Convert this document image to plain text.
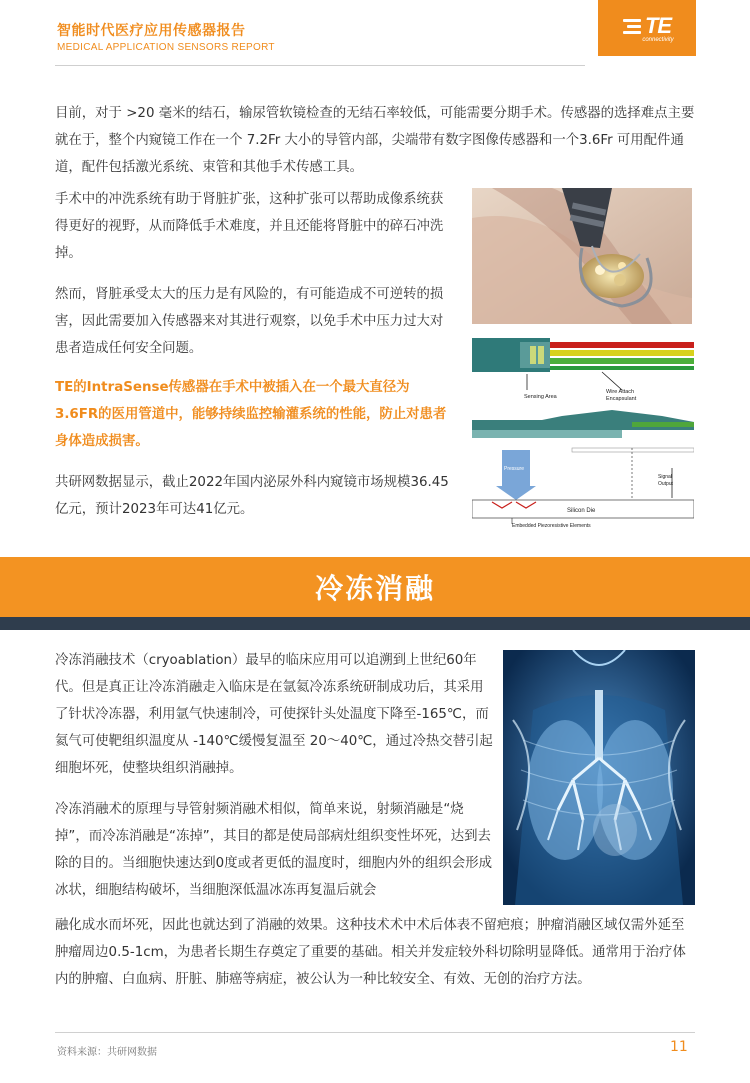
智能时代医疗应用传感器报告
MEDICAL APPLICATION SENSORS REPORT
TE
connectivity

目前，对于 >20 毫米的结石，输尿管软镜检查的无结石率较低，可能需要分期手术。传感器的选择难点主要就在于，整个内窥镜工作在一个 7.2Fr 大小的导管内部，尖端带有数字图像传感器和一个3.6Fr 可用配件通道，配件包括激光系统、束管和其他手术传感工具。

手术中的冲洗系统有助于肾脏扩张，这种扩张可以帮助成像系统获得更好的视野，从而降低手术难度，并且还能将肾脏中的碎石冲洗掉。

然而，肾脏承受太大的压力是有风险的，有可能造成不可逆转的损害，因此需要加入传感器来对其进行观察，以免手术中压力过大对患者造成任何安全问题。

TE的IntraSense传感器在手术中被插入在一个最大直径为3.6FR的医用管道中，能够持续监控输灌系统的性能，防止对患者身体造成损害。

共研网数据显示，截止2022年国内泌尿外科内窥镜市场规模36.45亿元，预计2023年可达41亿元。

Sensing Area
Wire Attach
Encapsulant
Pressure
Signal
Output
Silicon Die
Embedded Piezoresistive Elements
冷冻消融

冷冻消融技术（cryoablation）最早的临床应用可以追溯到上世纪60年代。但是真正让冷冻消融走入临床是在氩氦冷冻系统研制成功后，其采用了针状冷冻器，利用氩气快速制冷，可使探针头处温度下降至-165℃，而氦气可使靶组织温度从 -140℃缓慢复温至 20～40℃，通过冷热交替引起细胞坏死，使整块组织消融掉。

冷冻消融术的原理与导管射频消融术相似，简单来说，射频消融是“烧掉”，而冷冻消融是“冻掉”，其目的都是使局部病灶组织变性坏死，达到去除的目的。当细胞快速达到0度或者更低的温度时，细胞内外的组织会形成冰状，细胞结构破坏，当细胞深低温冰冻再复温后就会

融化成水而坏死，因此也就达到了消融的效果。这种技术术中术后体表不留疤痕；肿瘤消融区域仅需外延至肿瘤周边0.5-1cm，为患者长期生存奠定了重要的基础。相关并发症较外科切除明显降低。通常用于治疗体内的肿瘤、白血病、肝脏、肺癌等病症，被公认为一种比较安全、有效、无创的治疗方法。

资料来源：共研网数据	11
